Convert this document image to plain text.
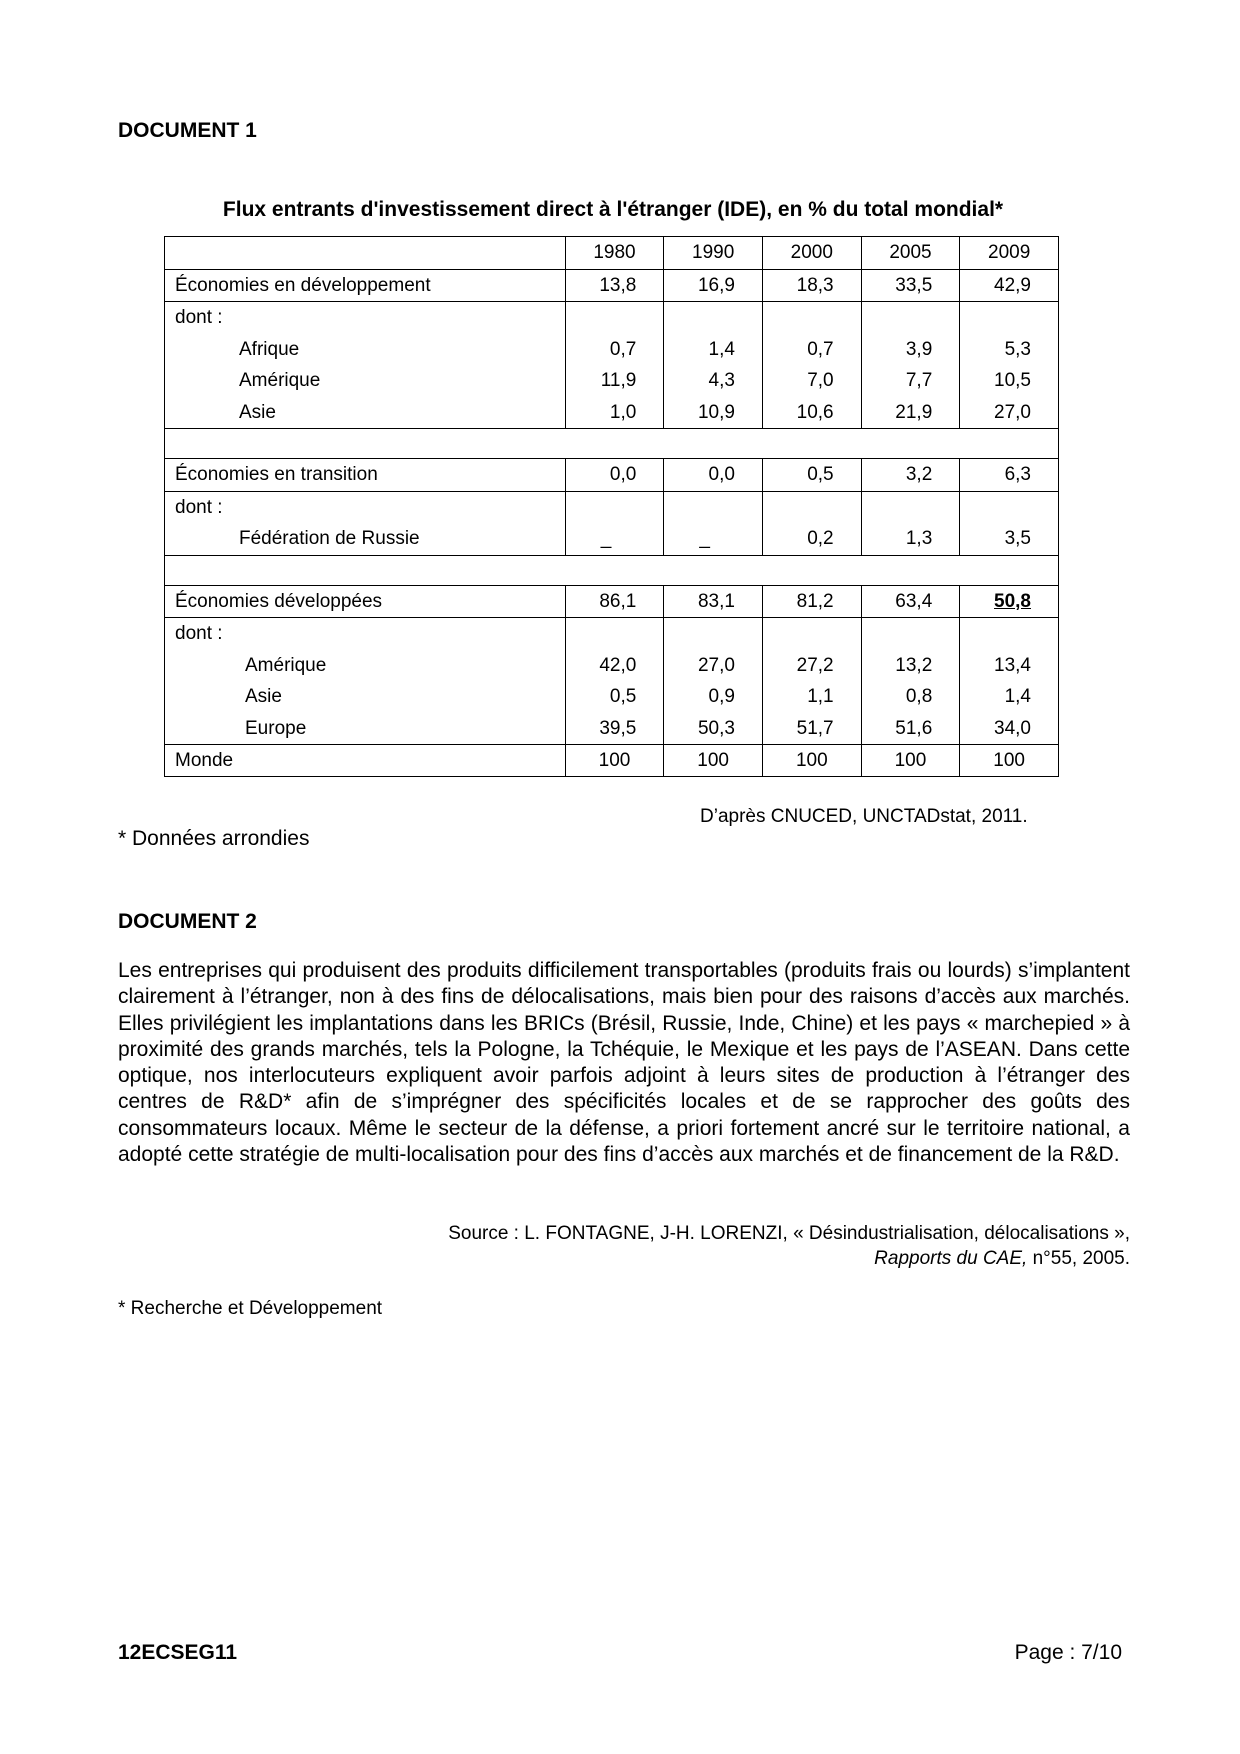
DOCUMENT 1
Flux entrants d'investissement direct à l'étranger (IDE), en % du total mondial*
	1980	1990	2000	2005	2009
Économies en développement	13,8	16,9	18,3	33,5	42,9
dont :					
Afrique	0,7	1,4	0,7	3,9	5,3
Amérique	11,9	4,3	7,0	7,7	10,5
Asie	1,0	10,9	10,6	21,9	27,0

Économies en transition	0,0	0,0	0,5	3,2	6,3
dont :					
Fédération de Russie	_	_	0,2	1,3	3,5

Économies développées	86,1	83,1	81,2	63,4	50,8
dont :					
Amérique	42,0	27,0	27,2	13,2	13,4
Asie	0,5	0,9	1,1	0,8	1,4
Europe	39,5	50,3	51,7	51,6	34,0
Monde	100	100	100	100	100
D’après CNUCED, UNCTADstat, 2011.
* Données arrondies
DOCUMENT 2

Les entreprises qui produisent des produits difficilement transportables (produits frais ou lourds) s’implantent clairement à l’étranger, non à des fins de délocalisations, mais bien pour des raisons d’accès aux marchés. Elles privilégient les implantations dans les BRICs (Brésil, Russie, Inde, Chine) et les pays « marchepied » à proximité des grands marchés, tels la Pologne, la Tchéquie, le Mexique et les pays de l’ASEAN. Dans cette optique, nos interlocuteurs expliquent avoir parfois adjoint à leurs sites de production à l’étranger des centres de R&D* afin de s’imprégner des spécificités locales et de se rapprocher des goûts des consommateurs locaux. Même le secteur de la défense, a priori fortement ancré sur le territoire national, a adopté cette stratégie de multi-localisation pour des fins d’accès aux marchés et de financement de la R&D.

Source : L. FONTAGNE, J-H. LORENZI, « Désindustrialisation, délocalisations »,
Rapports du CAE, n°55, 2005.
* Recherche et Développement
12ECSEG11	Page : 7/10
